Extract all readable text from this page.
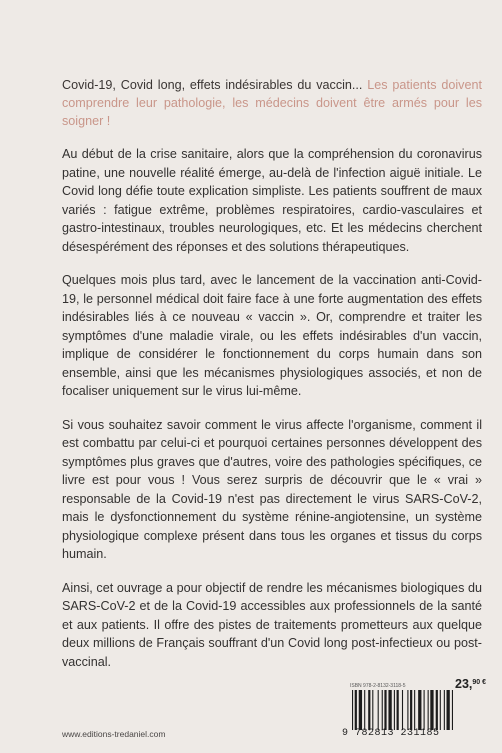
Covid-19, Covid long, effets indésirables du vaccin... Les patients doivent comprendre leur pathologie, les médecins doivent être armés pour les soigner !

Au début de la crise sanitaire, alors que la compréhension du coronavirus patine, une nouvelle réalité émerge, au-delà de l'infection aiguë initiale. Le Covid long défie toute explication simpliste. Les patients souffrent de maux variés : fatigue extrême, problèmes respiratoires, cardio-vasculaires et gastro-intestinaux, troubles neurologiques, etc. Et les médecins cherchent désespérément des réponses et des solutions thérapeutiques.

Quelques mois plus tard, avec le lancement de la vaccination anti-Covid-19, le personnel médical doit faire face à une forte augmentation des effets indésirables liés à ce nouveau « vaccin ». Or, comprendre et traiter les symptômes d'une maladie virale, ou les effets indésirables d'un vaccin, implique de considérer le fonctionnement du corps humain dans son ensemble, ainsi que les mécanismes physiologiques associés, et non de focaliser uniquement sur le virus lui-même.

Si vous souhaitez savoir comment le virus affecte l'organisme, comment il est combattu par celui-ci et pourquoi certaines personnes développent des symptômes plus graves que d'autres, voire des pathologies spécifiques, ce livre est pour vous ! Vous serez surpris de découvrir que le « vrai » responsable de la Covid-19 n'est pas directement le virus SARS-CoV-2, mais le dysfonctionnement du système rénine-angiotensine, un système physiologique complexe présent dans tous les organes et tissus du corps humain.

Ainsi, cet ouvrage a pour objectif de rendre les mécanismes biologiques du SARS-CoV-2 et de la Covid-19 accessibles aux professionnels de la santé et aux patients. Il offre des pistes de traitements prometteurs aux quelque deux millions de Français souffrant d'un Covid long post-infectieux ou post-vaccinal.

ISBN 978-2-8132-3118-5	23,$^{90 €}$
9 782813 231185
www.editions-tredaniel.com
